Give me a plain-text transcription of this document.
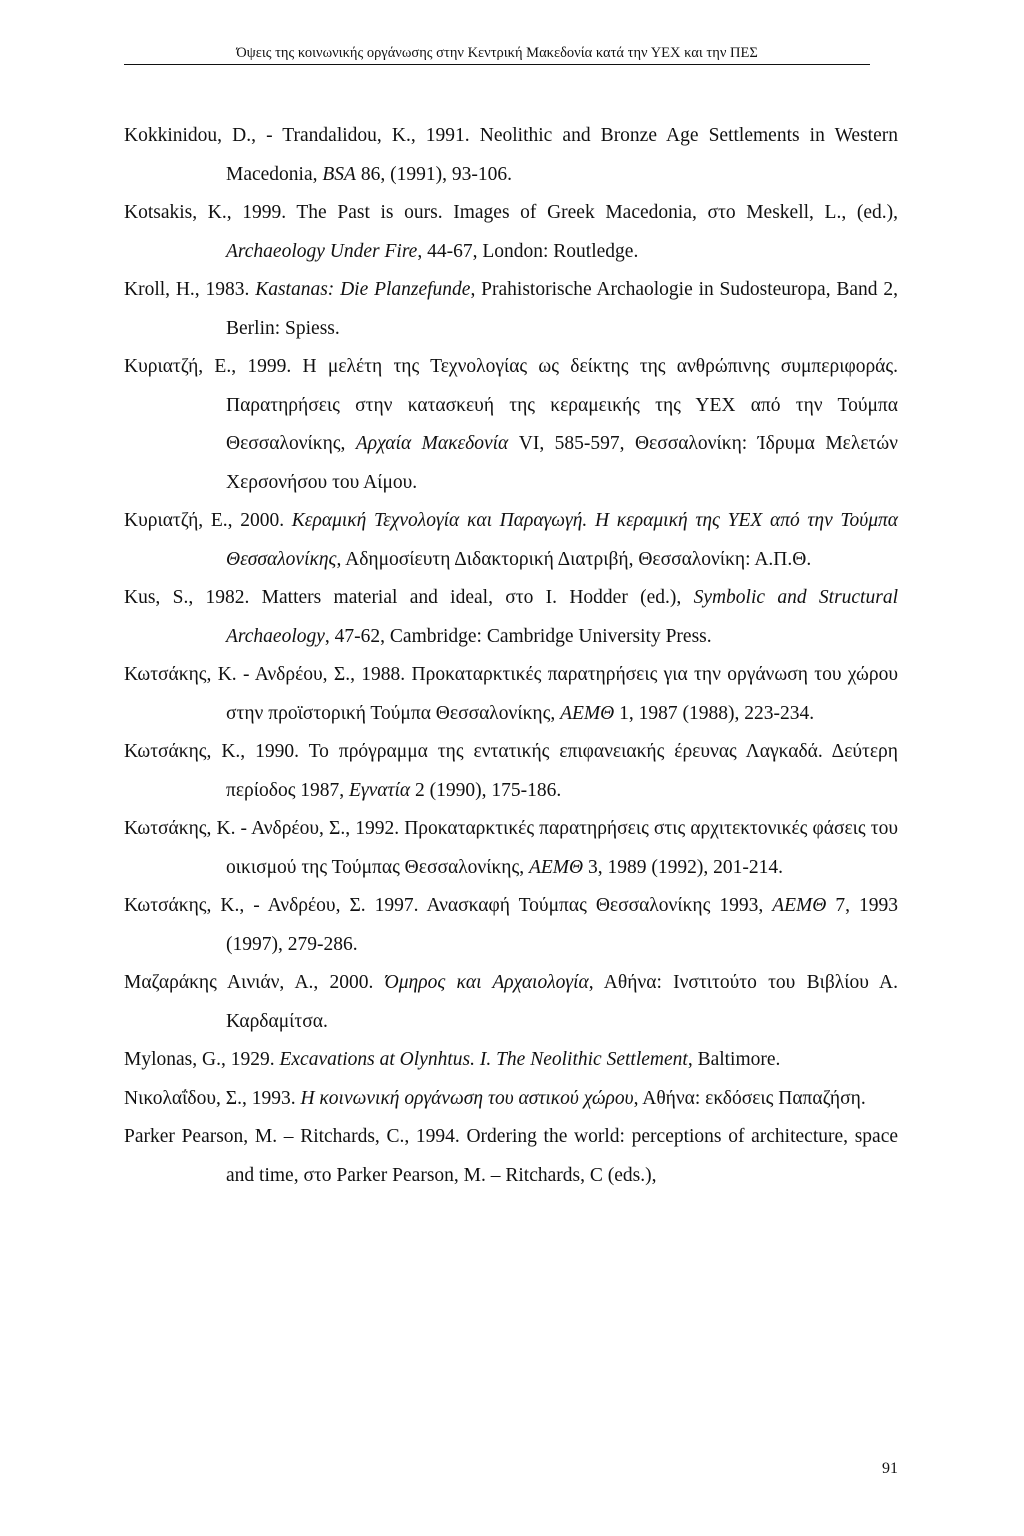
Όψεις της κοινωνικής οργάνωσης στην Κεντρική Μακεδονία κατά την ΥΕΧ και την ΠΕΣ

Kokkinidou, D., - Trandalidou, K., 1991. Neolithic and Bronze Age Settlements in Western Macedonia, BSA 86, (1991), 93-106.

Kotsakis, K., 1999. The Past is ours. Images of Greek Macedonia, στο Meskell, L., (ed.), Archaeology Under Fire, 44-67, London: Routledge.

Kroll, H., 1983. Kastanas: Die Planzefunde, Prahistorische Archaologie in Sudosteuropa, Band 2, Berlin: Spiess.

Κυριατζή, Ε., 1999. Η μελέτη της Τεχνολογίας ως δείκτης της ανθρώπινης συμπεριφοράς. Παρατηρήσεις στην κατασκευή της κεραμεικής της ΥΕΧ από την Τούμπα Θεσσαλονίκης, Αρχαία Μακεδονία VI, 585-597, Θεσσαλονίκη: Ίδρυμα Μελετών Χερσονήσου του Αίμου.

Κυριατζή, Ε., 2000. Κεραμική Τεχνολογία και Παραγωγή. Η κεραμική της ΥΕΧ από την Τούμπα Θεσσαλονίκης, Αδημοσίευτη Διδακτορική Διατριβή, Θεσσαλονίκη: Α.Π.Θ.

Kus, S., 1982. Matters material and ideal, στο I. Hodder (ed.), Symbolic and Structural Archaeology, 47-62, Cambridge: Cambridge University Press.

Κωτσάκης, Κ. - Ανδρέου, Σ., 1988. Προκαταρκτικές παρατηρήσεις για την οργάνωση του χώρου στην προϊστορική Τούμπα Θεσσαλονίκης, ΑΕΜΘ 1, 1987 (1988), 223-234.

Κωτσάκης, Κ., 1990. Το πρόγραμμα της εντατικής επιφανειακής έρευνας Λαγκαδά. Δεύτερη περίοδος 1987, Εγνατία 2 (1990), 175-186.

Κωτσάκης, Κ. - Ανδρέου, Σ., 1992. Προκαταρκτικές παρατηρήσεις στις αρχιτεκτονικές φάσεις του οικισμού της Τούμπας Θεσσαλονίκης, ΑΕΜΘ 3, 1989 (1992), 201-214.

Κωτσάκης, Κ., - Ανδρέου, Σ. 1997. Ανασκαφή Τούμπας Θεσσαλονίκης 1993, ΑΕΜΘ 7, 1993 (1997), 279-286.

Μαζαράκης Αινιάν, Α., 2000. Όμηρος και Αρχαιολογία, Αθήνα: Ινστιτούτο του Βιβλίου Α. Καρδαμίτσα.

Mylonas, G., 1929. Excavations at Olynhtus. I. The Neolithic Settlement, Baltimore.

Νικολαΐδου, Σ., 1993. Η κοινωνική οργάνωση του αστικού χώρου, Αθήνα: εκδόσεις Παπαζήση.

Parker Pearson, M. – Ritchards, C., 1994. Ordering the world: perceptions of architecture, space and time, στο Parker Pearson, M. – Ritchards, C (eds.),

91
